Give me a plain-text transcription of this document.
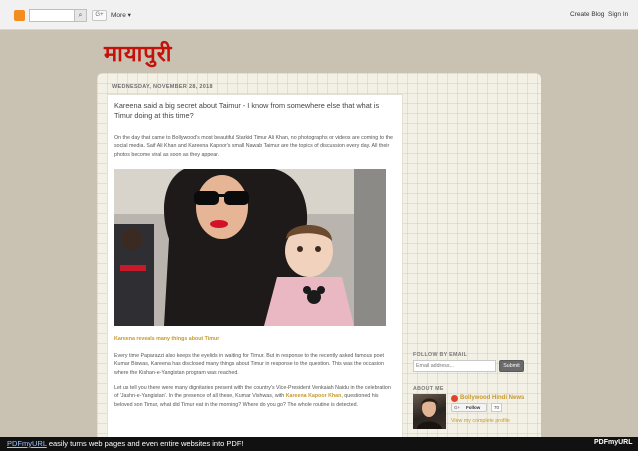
⌕	G+	More ▾	Create Blog Sign In
मायापुरी
WEDNESDAY, NOVEMBER 28, 2018
Kareena said a big secret about Taimur - I know from somewhere else that what is Timur doing at this time?
On the day that came to Bollywood's most beautiful Starkid Timur Ali Khan, no photographs or videos are coming to the social media. Saif Ali Khan and Kareena Kapoor's small Nawab Taimur are the topics of discussion every day. All their photos become viral as soon as they appear.
Kareena reveals many things about Timur
Every time Paparazzi also keeps the eyelids in waiting for Timur. But in response to the recently asked famous poet Kumar Biswas, Kareena has disclosed many things about Timur in response to the question. This was the occasion where the Kishan-e-Yangistan program was reached.
Let us tell you there were many dignitaries present with the country's Vice-President Venkaiah Naidu in the celebration of 'Jashn-e-Yangistan'. In the presence of all these, Kumar Vishwas, with Kareena Kapoor Khan, questioned his beloved son Timur, what did Timur eat in the morning? Where do you go? The whole routine is detected.
FOLLOW BY EMAIL
Email address...
Submit
ABOUT ME
Bollywood Hindi News
G+ Follow	70
View my complete profile
PDFmyURL easily turns web pages and even entire websites into PDF!	PDFmyURL
